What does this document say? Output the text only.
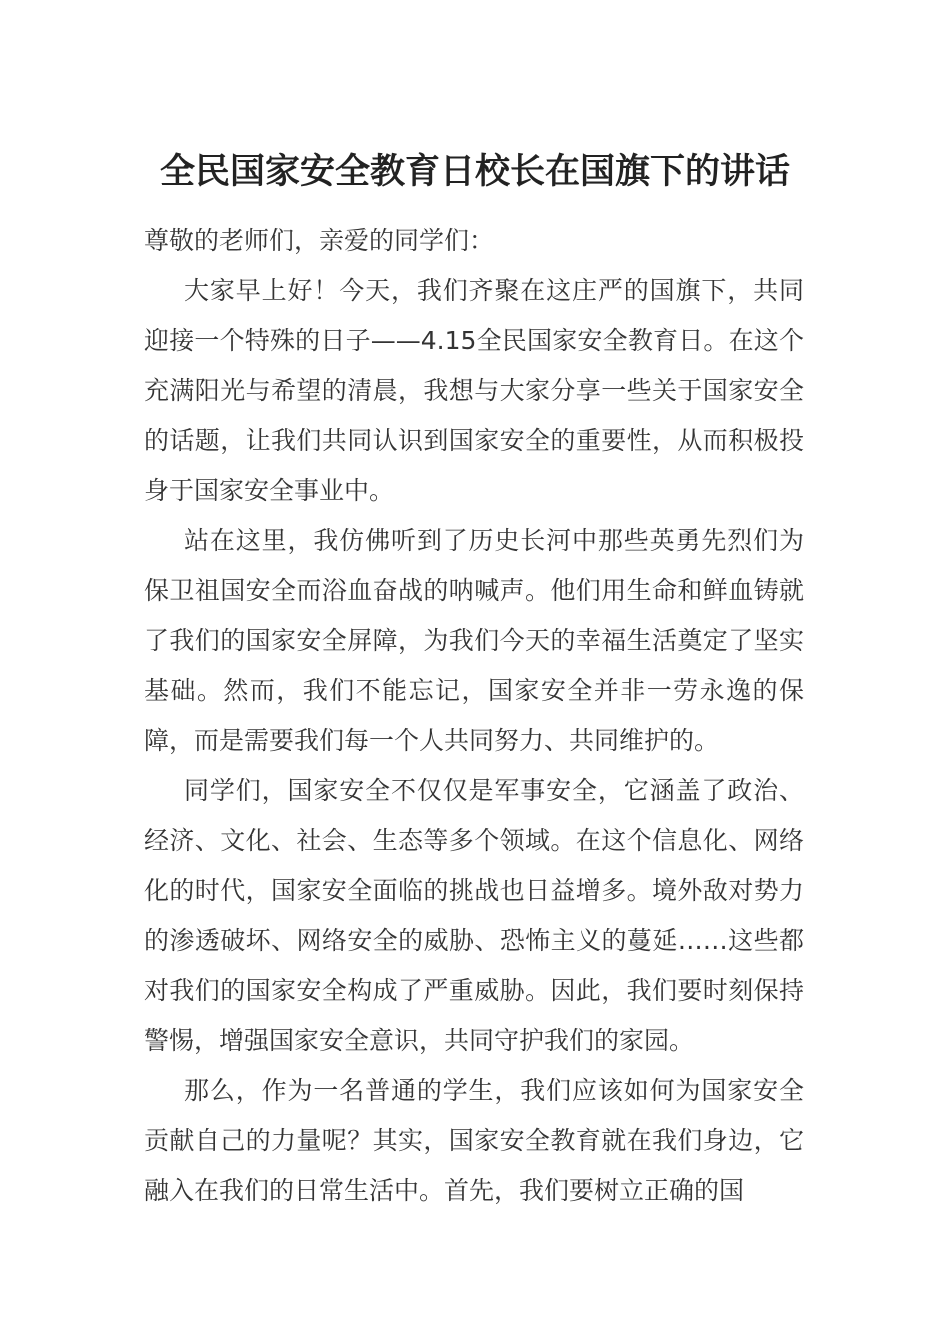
全民国家安全教育日校长在国旗下的讲话

尊敬的老师们，亲爱的同学们：

大家早上好！今天，我们齐聚在这庄严的国旗下，共同迎接一个特殊的日子——4.15全民国家安全教育日。在这个充满阳光与希望的清晨，我想与大家分享一些关于国家安全的话题，让我们共同认识到国家安全的重要性，从而积极投身于国家安全事业中。

站在这里，我仿佛听到了历史长河中那些英勇先烈们为保卫祖国安全而浴血奋战的呐喊声。他们用生命和鲜血铸就了我们的国家安全屏障，为我们今天的幸福生活奠定了坚实基础。然而，我们不能忘记，国家安全并非一劳永逸的保障，而是需要我们每一个人共同努力、共同维护的。

同学们，国家安全不仅仅是军事安全，它涵盖了政治、经济、文化、社会、生态等多个领域。在这个信息化、网络化的时代，国家安全面临的挑战也日益增多。境外敌对势力的渗透破坏、网络安全的威胁、恐怖主义的蔓延……这些都对我们的国家安全构成了严重威胁。因此，我们要时刻保持警惕，增强国家安全意识，共同守护我们的家园。

那么，作为一名普通的学生，我们应该如何为国家安全贡献自己的力量呢？其实，国家安全教育就在我们身边，它融入在我们的日常生活中。首先，我们要树立正确的国
